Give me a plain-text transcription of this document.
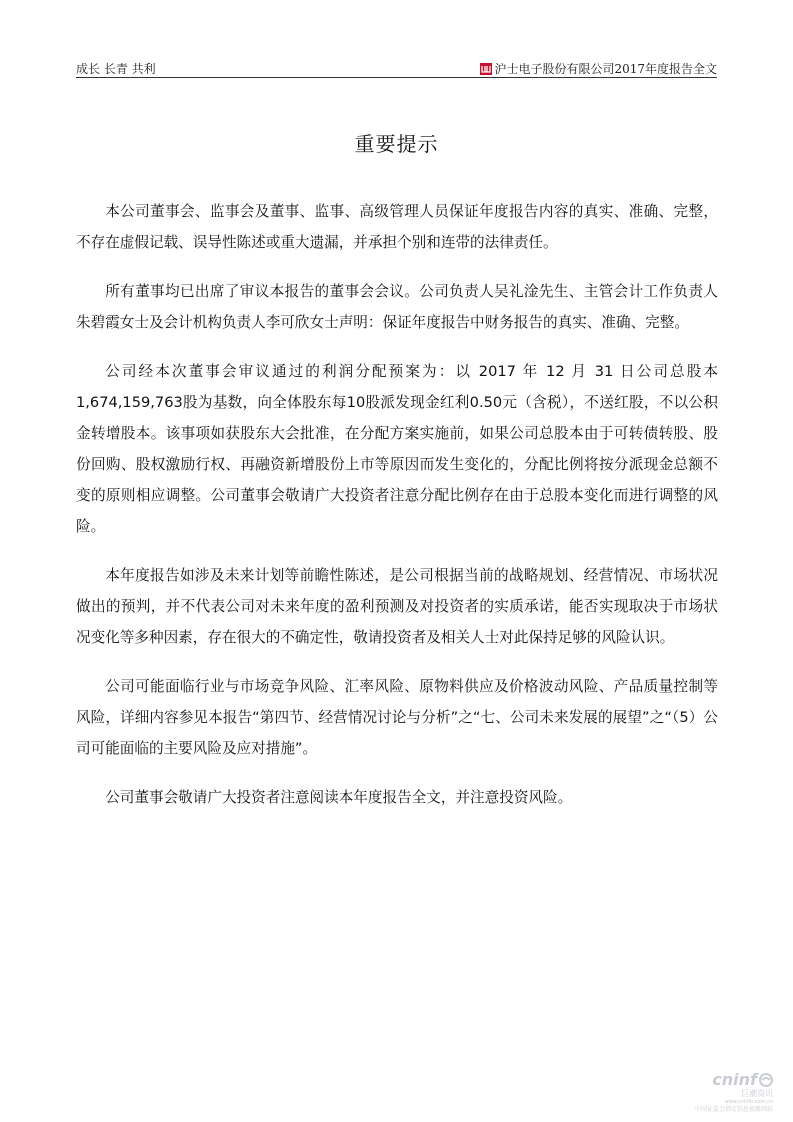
成长 长青 共利	沪士电子股份有限公司2017年度报告全文
重要提示

本公司董事会、监事会及董事、监事、高级管理人员保证年度报告内容的真实、准确、完整，不存在虚假记载、误导性陈述或重大遗漏，并承担个别和连带的法律责任。

所有董事均已出席了审议本报告的董事会会议。公司负责人吴礼淦先生、主管会计工作负责人朱碧霞女士及会计机构负责人李可欣女士声明：保证年度报告中财务报告的真实、准确、完整。

公司经本次董事会审议通过的利润分配预案为：以 2017 年 12 月 31 日公司总股本1,674,159,763股为基数，向全体股东每10股派发现金红利0.50元（含税），不送红股，不以公积金转增股本。该事项如获股东大会批准，在分配方案实施前，如果公司总股本由于可转债转股、股份回购、股权激励行权、再融资新增股份上市等原因而发生变化的，分配比例将按分派现金总额不变的原则相应调整。公司董事会敬请广大投资者注意分配比例存在由于总股本变化而进行调整的风险。

本年度报告如涉及未来计划等前瞻性陈述，是公司根据当前的战略规划、经营情况、市场状况做出的预判，并不代表公司对未来年度的盈利预测及对投资者的实质承诺，能否实现取决于市场状况变化等多种因素，存在很大的不确定性，敬请投资者及相关人士对此保持足够的风险认识。

公司可能面临行业与市场竞争风险、汇率风险、原物料供应及价格波动风险、产品质量控制等风险，详细内容参见本报告“第四节、经营情况讨论与分析”之“七、公司未来发展的展望”之“（5）公司可能面临的主要风险及应对措施”。

公司董事会敬请广大投资者注意阅读本年度报告全文，并注意投资风险。

cninf
巨潮资讯
www.cninfo.com.cn
中国证监会指定信息披露网站
